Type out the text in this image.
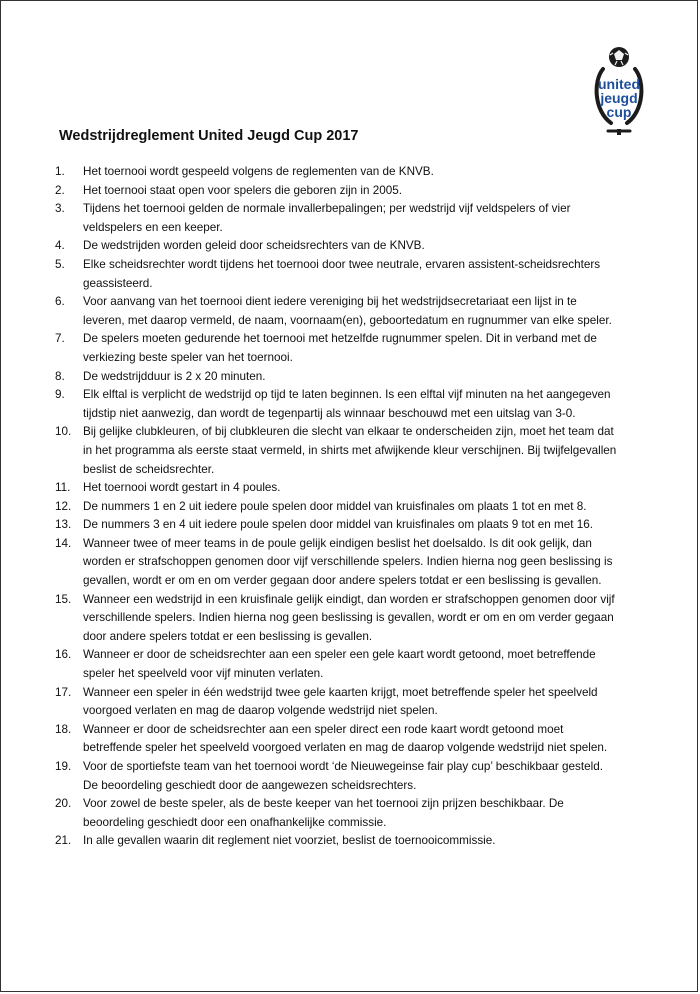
united
jeugd
cup
Wedstrijdreglement United Jeugd Cup 2017
1.	Het toernooi wordt gespeeld volgens de reglementen van de KNVB.
2.	Het toernooi staat open voor spelers die geboren zijn in 2005.
3.	Tijdens het toernooi gelden de normale invallerbepalingen; per wedstrijd vijf veldspelers of vier
veldspelers en een keeper.
4.	De wedstrijden worden geleid door scheidsrechters van de KNVB.
5.	Elke scheidsrechter wordt tijdens het toernooi door twee neutrale, ervaren assistent-scheidsrechters
geassisteerd.
6.	Voor aanvang van het toernooi dient iedere vereniging bij het wedstrijdsecretariaat een lijst in te
leveren, met daarop vermeld, de naam, voornaam(en), geboortedatum en rugnummer van elke speler.
7.	De spelers moeten gedurende het toernooi met hetzelfde rugnummer spelen. Dit in verband met de
verkiezing beste speler van het toernooi.
8.	De wedstrijdduur is 2 x 20 minuten.
9.	Elk elftal is verplicht de wedstrijd op tijd te laten beginnen. Is een elftal vijf minuten na het aangegeven
tijdstip niet aanwezig, dan wordt de tegenpartij als winnaar beschouwd met een uitslag van 3-0.
10.	Bij gelijke clubkleuren, of bij clubkleuren die slecht van elkaar te onderscheiden zijn, moet het team dat
in het programma als eerste staat vermeld, in shirts met afwijkende kleur verschijnen. Bij twijfelgevallen
beslist de scheidsrechter.
11.	Het toernooi wordt gestart in 4 poules.
12.	De nummers 1 en 2 uit iedere poule spelen door middel van kruisfinales om plaats 1 tot en met 8.
13.	De nummers 3 en 4 uit iedere poule spelen door middel van kruisfinales om plaats 9 tot en met 16.
14.	Wanneer twee of meer teams in de poule gelijk eindigen beslist het doelsaldo. Is dit ook gelijk, dan
worden er strafschoppen genomen door vijf verschillende spelers. Indien hierna nog geen beslissing is
gevallen, wordt er om en om verder gegaan door andere spelers totdat er een beslissing is gevallen.
15.	Wanneer een wedstrijd in een kruisfinale gelijk eindigt, dan worden er strafschoppen genomen door vijf
verschillende spelers. Indien hierna nog geen beslissing is gevallen, wordt er om en om verder gegaan
door andere spelers totdat er een beslissing is gevallen.
16.	Wanneer er door de scheidsrechter aan een speler een gele kaart wordt getoond, moet betreffende
speler het speelveld voor vijf minuten verlaten.
17.	Wanneer een speler in één wedstrijd twee gele kaarten krijgt, moet betreffende speler het speelveld
voorgoed verlaten en mag de daarop volgende wedstrijd niet spelen.
18.	Wanneer er door de scheidsrechter aan een speler direct een rode kaart wordt getoond moet
betreffende speler het speelveld voorgoed verlaten en mag de daarop volgende wedstrijd niet spelen.
19.	Voor de sportiefste team van het toernooi wordt ‘de Nieuwegeinse fair play cup’ beschikbaar gesteld.
De beoordeling geschiedt door de aangewezen scheidsrechters.
20.	Voor zowel de beste speler, als de beste keeper van het toernooi zijn prijzen beschikbaar. De
beoordeling geschiedt door een onafhankelijke commissie.
21.	In alle gevallen waarin dit reglement niet voorziet, beslist de toernooicommissie.
